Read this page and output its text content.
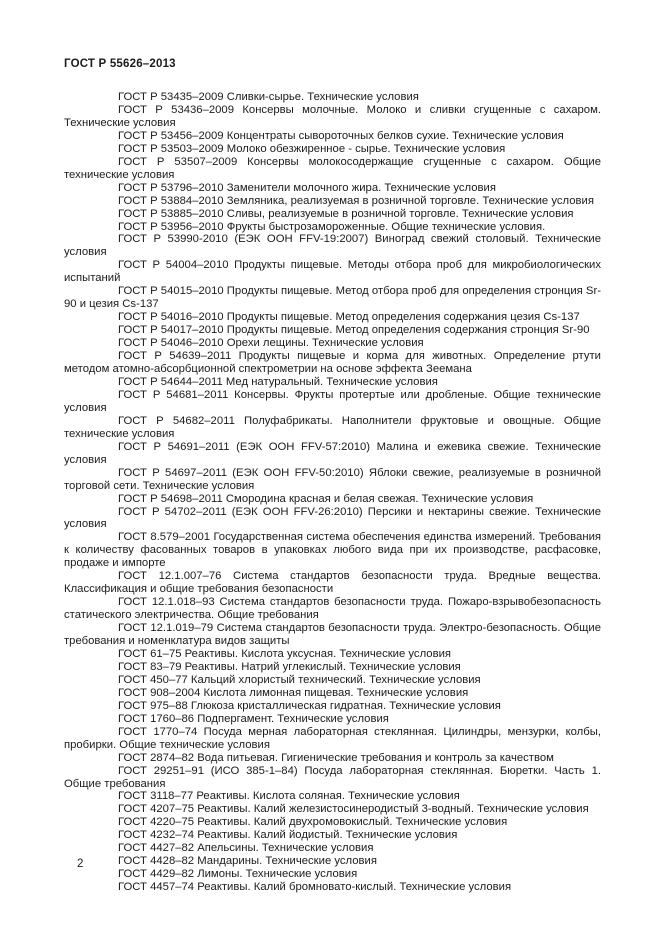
ГОСТ Р 55626–2013

ГОСТ Р 53435–2009 Сливки-сырье. Технические условия

ГОСТ Р 53436–2009 Консервы молочные. Молоко и сливки сгущенные с сахаром. Технические условия

ГОСТ Р 53456–2009 Концентраты сывороточных белков сухие. Технические условия

ГОСТ Р 53503–2009 Молоко обезжиренное - сырье. Технические условия

ГОСТ Р 53507–2009 Консервы молокосодержащие сгущенные с сахаром. Общие технические условия

ГОСТ Р 53796–2010 Заменители молочного жира. Технические условия

ГОСТ Р 53884–2010 Земляника, реализуемая в розничной торговле. Технические условия

ГОСТ Р 53885–2010 Сливы, реализуемые в розничной торговле. Технические условия

ГОСТ Р 53956–2010 Фрукты быстрозамороженные. Общие технические условия.

ГОСТ Р 53990-2010 (ЕЭК ООН FFV-19:2007) Виноград свежий столовый. Технические условия

ГОСТ Р 54004–2010 Продукты пищевые. Методы отбора проб для микробиологических испытаний

ГОСТ Р 54015–2010 Продукты пищевые. Метод отбора проб для определения стронция Sr-90 и цезия Cs-137

ГОСТ Р 54016–2010 Продукты пищевые. Метод определения содержания цезия Cs-137

ГОСТ Р 54017–2010 Продукты пищевые. Метод определения содержания стронция Sr-90

ГОСТ Р 54046–2010 Орехи лещины. Технические условия

ГОСТ Р 54639–2011 Продукты пищевые и корма для животных. Определение ртути методом атомно-абсорбционной спектрометрии на основе эффекта Зеемана

ГОСТ Р 54644–2011 Мед натуральный. Технические условия

ГОСТ Р 54681–2011 Консервы. Фрукты протертые или дробленые. Общие технические условия

ГОСТ Р 54682–2011 Полуфабрикаты. Наполнители фруктовые и овощные. Общие технические условия

ГОСТ Р 54691–2011 (ЕЭК ООН FFV-57:2010) Малина и ежевика свежие. Технические условия

ГОСТ Р 54697–2011 (ЕЭК ООН FFV-50:2010) Яблоки свежие, реализуемые в розничной торговой сети. Технические условия

ГОСТ Р 54698–2011 Смородина красная и белая свежая. Технические условия

ГОСТ Р 54702–2011 (ЕЭК ООН FFV-26:2010) Персики и нектарины свежие. Технические условия

ГОСТ 8.579–2001 Государственная система обеспечения единства измерений. Требования к количеству фасованных товаров в упаковках любого вида при их производстве, расфасовке, продаже и импорте

ГОСТ 12.1.007–76 Система стандартов безопасности труда. Вредные вещества. Классификация и общие требования безопасности

ГОСТ 12.1.018–93 Система стандартов безопасности труда. Пожаро-взрывобезопасность статического электричества. Общие требования

ГОСТ 12.1.019–79 Система стандартов безопасности труда. Электро-безопасность. Общие требования и номенклатура видов защиты

ГОСТ 61–75 Реактивы. Кислота уксусная. Технические условия

ГОСТ 83–79 Реактивы. Натрий углекислый. Технические условия

ГОСТ 450–77 Кальций хлористый технический. Технические условия

ГОСТ 908–2004 Кислота лимонная пищевая. Технические условия

ГОСТ 975–88 Глюкоза кристаллическая гидратная. Технические условия

ГОСТ 1760–86 Подпергамент. Технические условия

ГОСТ 1770–74 Посуда мерная лабораторная стеклянная. Цилиндры, мензурки, колбы, пробирки. Общие технические условия

ГОСТ 2874–82 Вода питьевая. Гигиенические требования и контроль за качеством

ГОСТ 29251–91 (ИСО 385-1–84) Посуда лабораторная стеклянная. Бюретки. Часть 1. Общие требования

ГОСТ 3118–77 Реактивы. Кислота соляная. Технические условия

ГОСТ 4207–75 Реактивы. Калий железистосинеродистый 3-водный. Технические условия

ГОСТ 4220–75 Реактивы. Калий двухромовокислый. Технические условия

ГОСТ 4232–74 Реактивы. Калий йодистый. Технические условия

ГОСТ 4427–82 Апельсины. Технические условия

ГОСТ 4428–82 Мандарины. Технические условия

ГОСТ 4429–82 Лимоны. Технические условия

ГОСТ 4457–74 Реактивы. Калий бромновато-кислый. Технические условия

2
